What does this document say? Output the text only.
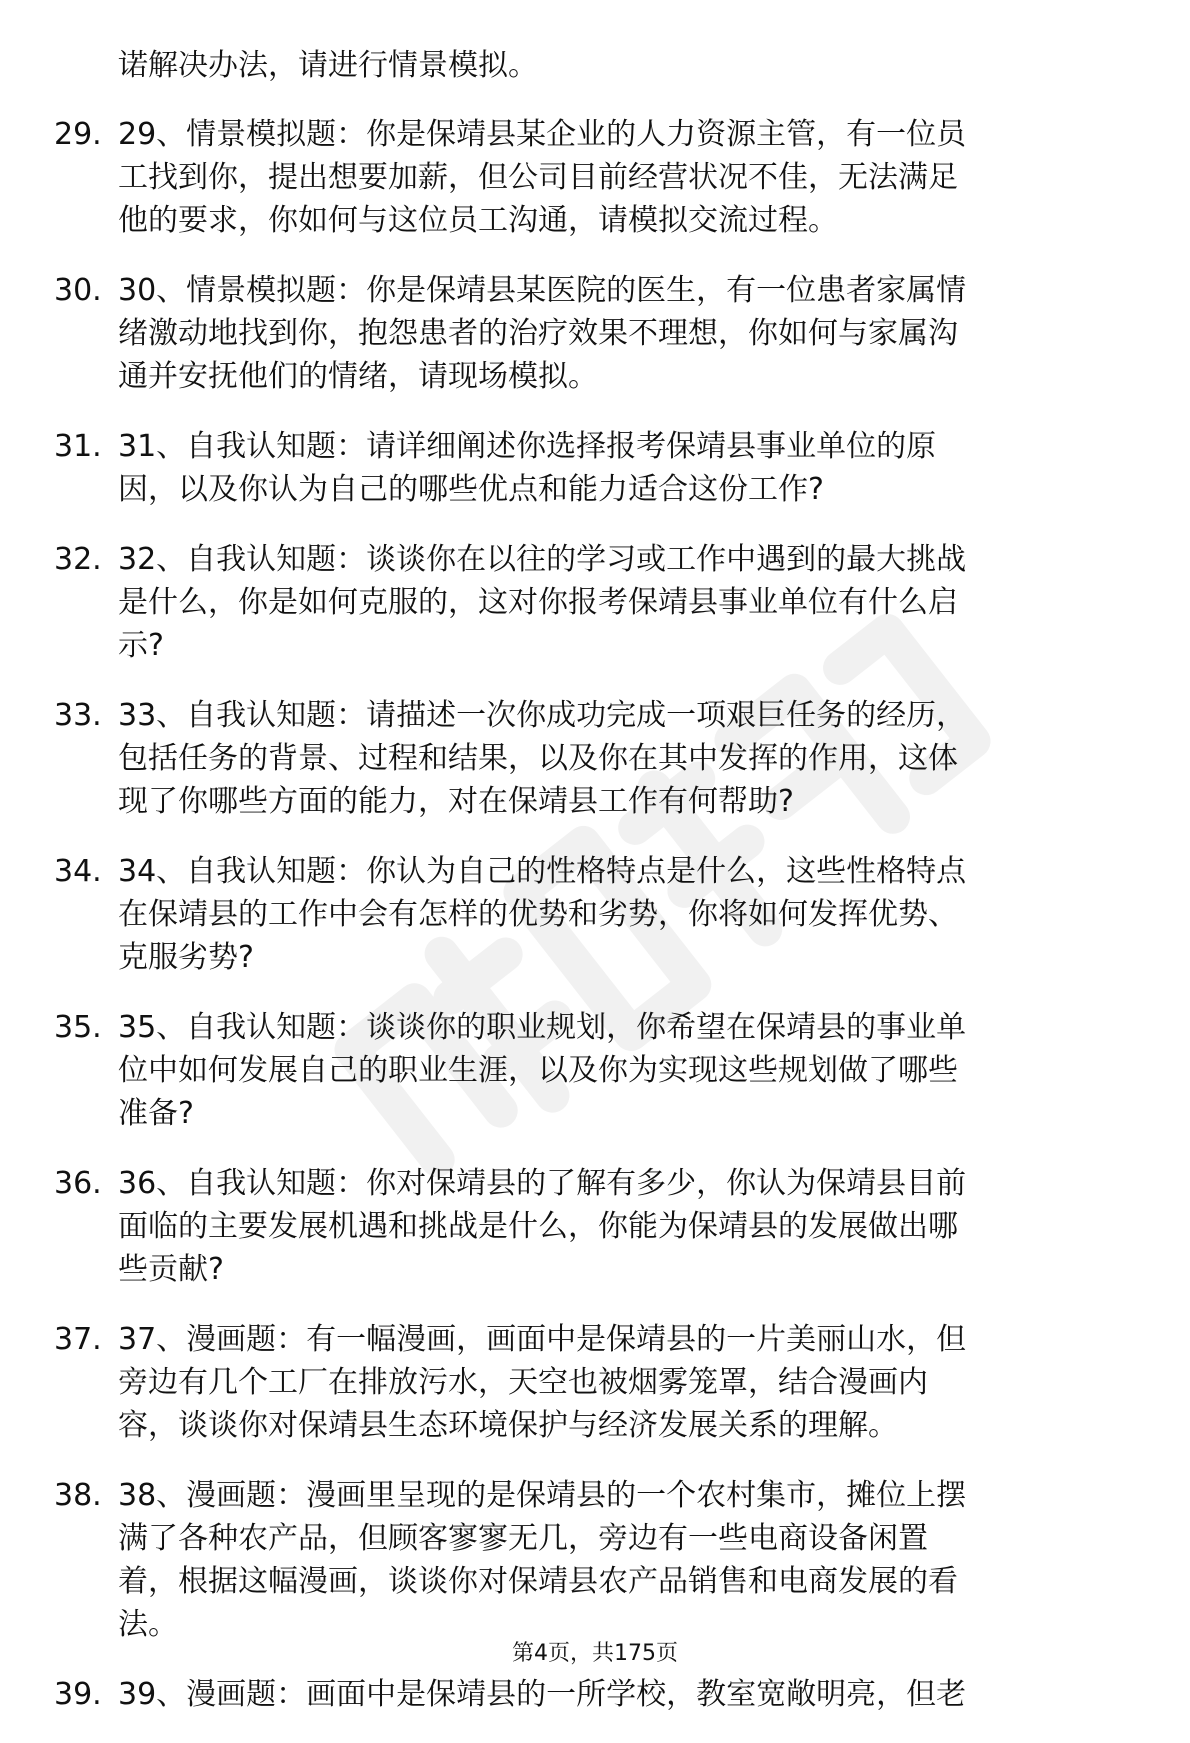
诺解决办法，请进行情景模拟。
29. 29、情景模拟题：你是保靖县某企业的人力资源主管，有一位员
工找到你，提出想要加薪，但公司目前经营状况不佳，无法满足
他的要求，你如何与这位员工沟通，请模拟交流过程。
30. 30、情景模拟题：你是保靖县某医院的医生，有一位患者家属情
绪激动地找到你，抱怨患者的治疗效果不理想，你如何与家属沟
通并安抚他们的情绪，请现场模拟。
31. 31、自我认知题：请详细阐述你选择报考保靖县事业单位的原
因，以及你认为自己的哪些优点和能力适合这份工作?
32. 32、自我认知题：谈谈你在以往的学习或工作中遇到的最大挑战
是什么，你是如何克服的，这对你报考保靖县事业单位有什么启
示?
33. 33、自我认知题：请描述一次你成功完成一项艰巨任务的经历，
包括任务的背景、过程和结果，以及你在其中发挥的作用，这体
现了你哪些方面的能力，对在保靖县工作有何帮助?
34. 34、自我认知题：你认为自己的性格特点是什么，这些性格特点
在保靖县的工作中会有怎样的优势和劣势，你将如何发挥优势、
克服劣势?
35. 35、自我认知题：谈谈你的职业规划，你希望在保靖县的事业单
位中如何发展自己的职业生涯，以及你为实现这些规划做了哪些
准备?
36. 36、自我认知题：你对保靖县的了解有多少，你认为保靖县目前
面临的主要发展机遇和挑战是什么，你能为保靖县的发展做出哪
些贡献?
37. 37、漫画题：有一幅漫画，画面中是保靖县的一片美丽山水，但
旁边有几个工厂在排放污水，天空也被烟雾笼罩，结合漫画内
容，谈谈你对保靖县生态环境保护与经济发展关系的理解。
38. 38、漫画题：漫画里呈现的是保靖县的一个农村集市，摊位上摆
满了各种农产品，但顾客寥寥无几，旁边有一些电商设备闲置
着，根据这幅漫画，谈谈你对保靖县农产品销售和电商发展的看
法。
39. 39、漫画题：画面中是保靖县的一所学校，教室宽敞明亮，但老
第4页，共175页
